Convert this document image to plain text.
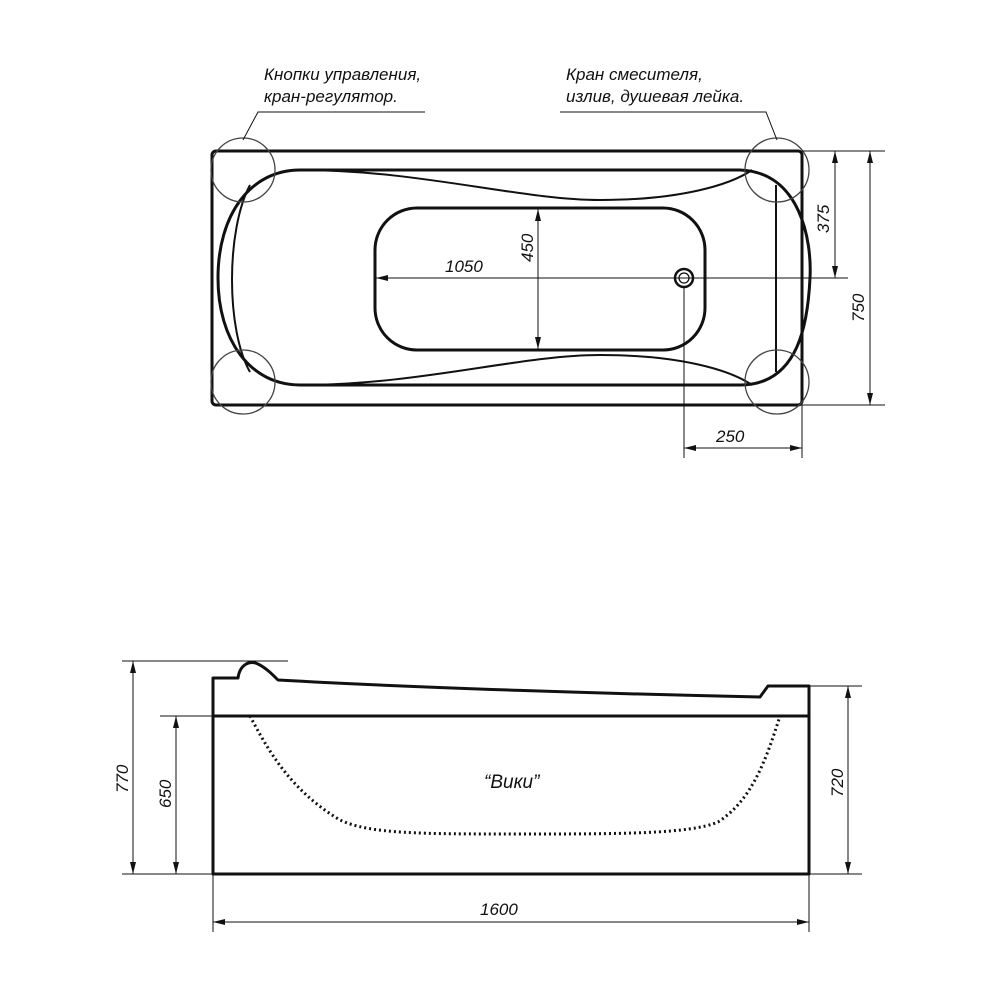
Кнопки управления,
кран-регулятор.
Кран смесителя,
излив, душевая лейка.
1050
450
375
750
250
“Вики”
770
650	720
1600
